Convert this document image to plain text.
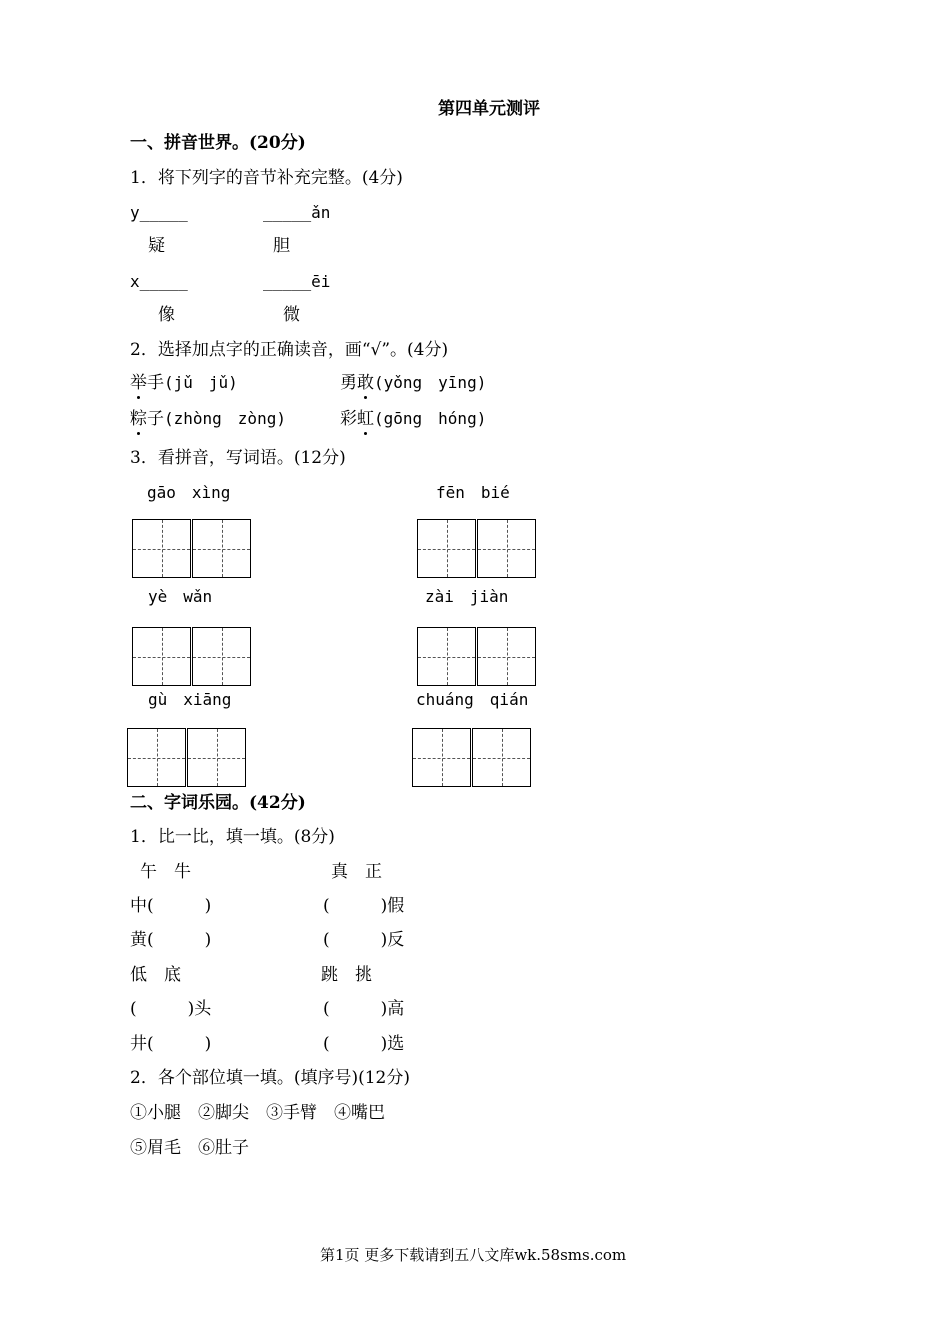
第四单元测评
一、拼音世界。(20分)
1．将下列字的音节补充完整。(4分)
y_____	_____ǎn
疑	胆
x_____	_____ēi
像	微
2．选择加点字的正确读音，画“√”。(4分)
举手(jǔ　jǔ)	勇敢(yǒng　yīng)
粽子(zhòng　zòng)	彩虹(gōng　hóng)
3．看拼音，写词语。(12分)
gāo　xìng	fēn　bié
yè　wǎn	zài　jiàn
gù　xiāng	chuáng　qián
二、字词乐园。(42分)
1．比一比，填一填。(8分)
午　牛	真　正
中(　　　)	(　　　)假
黄(　　　)	(　　　)反
低　底	跳　挑
(　　　)头	(　　　)高
井(　　　)	(　　　)选
2．各个部位填一填。(填序号)(12分)
①小腿　②脚尖　③手臂　④嘴巴
⑤眉毛　⑥肚子
第1页 更多下载请到五八文库wk.58sms.com
